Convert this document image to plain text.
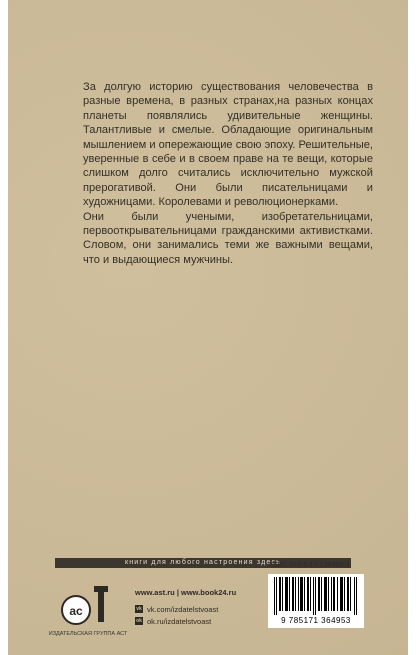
За долгую историю существования человечества в разные времена, в разных странах,на разных концах планеты появлялись удивительные женщины. Талантливые и смелые. Обладающие оригинальным мышлением и опережающие свою эпоху. Решительные, уверенные в себе и в своем праве на те вещи, которые слишком долго считались исключительно мужской прерогативой. Они были писательницами и художницами. Королевами и революционерками.

Они были учеными, изобретательницами, первооткрывательницами гражданскими активистками. Словом, они занимались теми же важными вещами, что и выдающиеся мужчины.

книги для любого настроения здесь
ас
ИЗДАТЕЛЬСКАЯ ГРУППА АСТ
www.ast.ru | www.book24.ru
vk vk.com/izdatelstvoast
ok ok.ru/izdatelstvoast
ISBN 978-5-17-138495-3
9 785171 364953
